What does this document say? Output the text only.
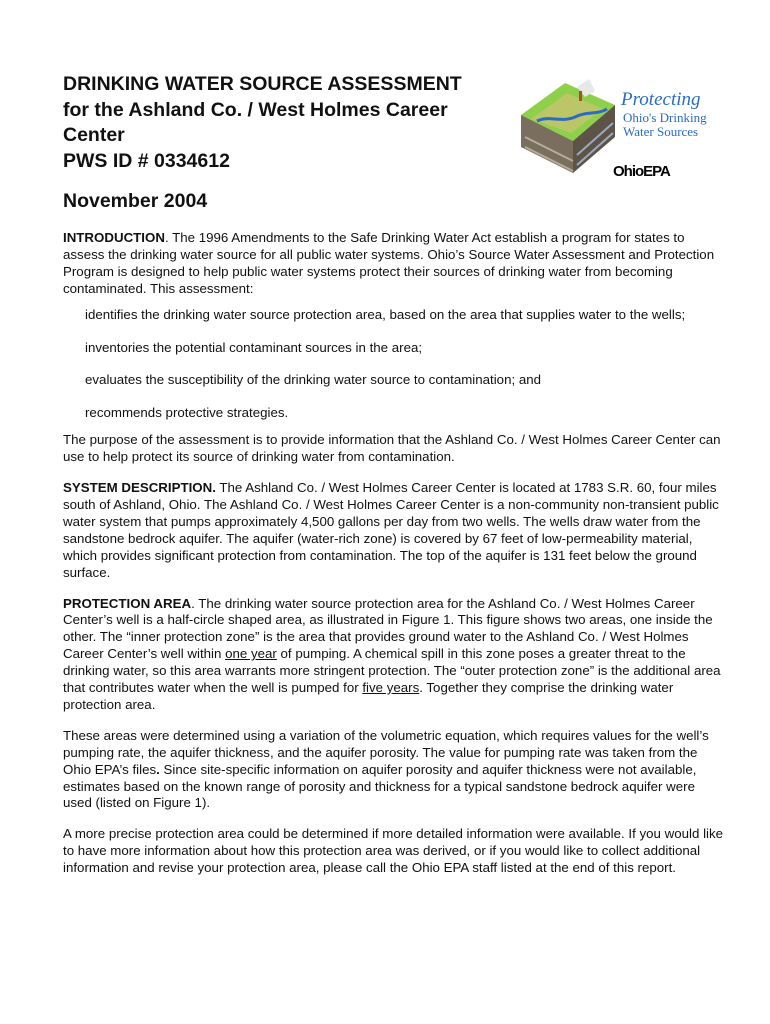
Protecting
Ohio's Drinking
Water Sources
OhioEPA
DRINKING WATER SOURCE ASSESSMENT
for the Ashland Co. / West Holmes Career
Center
PWS ID # 0334612
November 2004

INTRODUCTION. The 1996 Amendments to the Safe Drinking Water Act establish a program for states to assess the drinking water source for all public water systems. Ohio’s Source Water Assessment and Protection Program is designed to help public water systems protect their sources of drinking water from becoming contaminated. This assessment:

identifies the drinking water source protection area, based on the area that supplies water to the wells;
inventories the potential contaminant sources in the area;
evaluates the susceptibility of the drinking water source to contamination; and
recommends protective strategies.

The purpose of the assessment is to provide information that the Ashland Co. / West Holmes Career Center can use to help protect its source of drinking water from contamination.

SYSTEM DESCRIPTION. The Ashland Co. / West Holmes Career Center is located at 1783 S.R. 60, four miles south of Ashland, Ohio. The Ashland Co. / West Holmes Career Center is a non-community non-transient public water system that pumps approximately 4,500 gallons per day from two wells. The wells draw water from the sandstone bedrock aquifer. The aquifer (water-rich zone) is covered by 67 feet of low-permeability material, which provides significant protection from contamination. The top of the aquifer is 131 feet below the ground surface.

PROTECTION AREA. The drinking water source protection area for the Ashland Co. / West Holmes Career Center’s well is a half-circle shaped area, as illustrated in Figure 1. This figure shows two areas, one inside the other. The “inner protection zone” is the area that provides ground water to the Ashland Co. / West Holmes Career Center’s well within one year of pumping. A chemical spill in this zone poses a greater threat to the drinking water, so this area warrants more stringent protection. The “outer protection zone” is the additional area that contributes water when the well is pumped for five years. Together they comprise the drinking water protection area.

These areas were determined using a variation of the volumetric equation, which requires values for the well’s pumping rate, the aquifer thickness, and the aquifer porosity. The value for pumping rate was taken from the Ohio EPA’s files. Since site-specific information on aquifer porosity and aquifer thickness were not available, estimates based on the known range of porosity and thickness for a typical sandstone bedrock aquifer were used (listed on Figure 1).

A more precise protection area could be determined if more detailed information were available. If you would like to have more information about how this protection area was derived, or if you would like to collect additional information and revise your protection area, please call the Ohio EPA staff listed at the end of this report.
